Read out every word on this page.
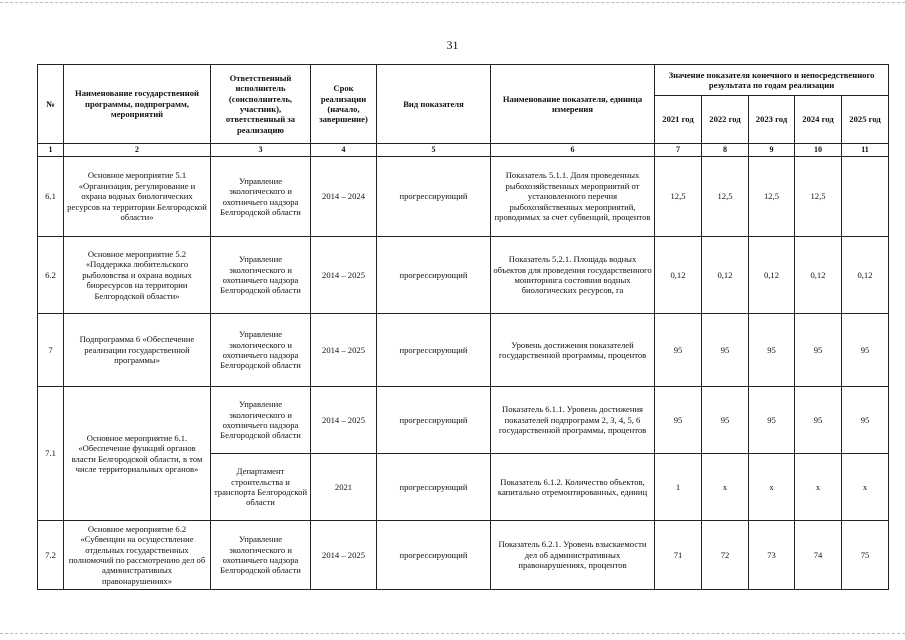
31
№	Наименование государственной программы, подпрограмм, мероприятий	Ответственный исполнитель (соисполнитель, участник), ответственный за реализацию	Срок реализации (начало, завершение)	Вид показателя	Наименование показателя, единица измерения	Значение показателя конечного и непосредственного результата по годам реализации				
						2021 год	2022 год	2023 год	2024 год	2025 год
1	2	3	4	5	6	7	8	9	10	11
6.1	Основное мероприятие 5.1 «Организация, регулирование и охрана водных биологических ресурсов на территории Белгородской области»	Управление экологического и охотничьего надзора Белгородской области	2014 – 2024	прогрессирующий	Показатель 5.1.1. Доля проведенных рыбохозяйственных мероприятий от установленного перечня рыбохозяйственных мероприятий, проводимых за счет субвенций, процентов	12,5	12,5	12,5	12,5	
6.2	Основное мероприятие 5.2 «Поддержка любительского рыболовства и охрана водных биоресурсов на территории Белгородской области»	Управление экологического и охотничьего надзора Белгородской области	2014 – 2025	прогрессирующий	Показатель 5.2.1. Площадь водных объектов для проведения государственного мониторинга состояния водных биологических ресурсов, га	0,12	0,12	0,12	0,12	0,12
7	Подпрограмма 6 «Обеспечение реализации государственной программы»	Управление экологического и охотничьего надзора Белгородской области	2014 – 2025	прогрессирующий	Уровень достижения показателей государственной программы, процентов	95	95	95	95	95
7.1	Основное мероприятие 6.1. «Обеспечение функций органов власти Белгородской области, в том числе территориальных органов»	Управление экологического и охотничьего надзора Белгородской области	2014 – 2025	прогрессирующий	Показатель 6.1.1. Уровень достижения показателей подпрограмм 2, 3, 4, 5, 6 государственной программы, процентов	95	95	95	95	95
		Департамент строительства и транспорта Белгородской области	2021	прогрессирующий	Показатель 6.1.2. Количество объектов, капитально отремонтированных, единиц	1	х	х	х	х
7.2	Основное мероприятие 6.2 «Субвенции на осуществление отдельных государственных полномочий по рассмотрению дел об административных правонарушениях»	Управление экологического и охотничьего надзора Белгородской области	2014 – 2025	прогрессирующий	Показатель 6.2.1. Уровень взыскаемости дел об административных правонарушениях, процентов	71	72	73	74	75
